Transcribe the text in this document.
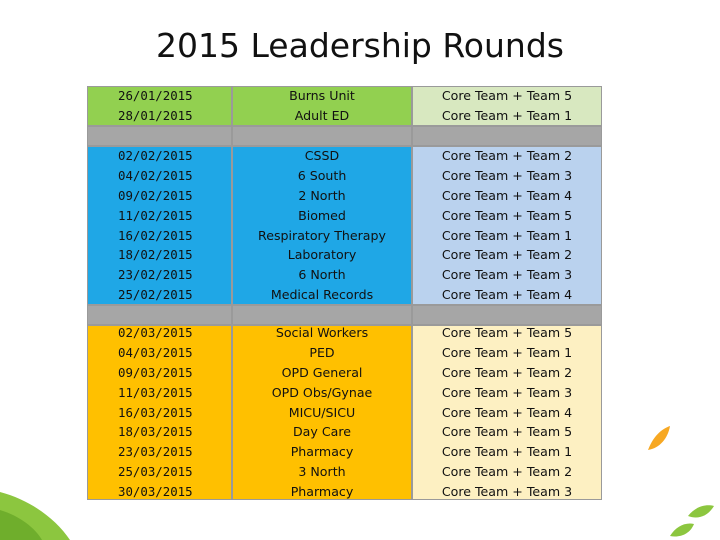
2015 Leadership Rounds
26/01/2015
28/01/2015
Burns Unit
Adult ED
Core Team + Team 5
Core Team + Team 1
02/02/2015
04/02/2015
09/02/2015
11/02/2015
16/02/2015
18/02/2015
23/02/2015
25/02/2015
CSSD
6 South
2 North
Biomed
Respiratory Therapy
Laboratory
6 North
Medical Records
Core Team + Team 2
Core Team + Team 3
Core Team + Team 4
Core Team + Team 5
Core Team + Team 1
Core Team + Team 2
Core Team + Team 3
Core Team + Team 4
02/03/2015
04/03/2015
09/03/2015
11/03/2015
16/03/2015
18/03/2015
23/03/2015
25/03/2015
30/03/2015
Social Workers
PED
OPD General
OPD Obs/Gynae
MICU/SICU
Day Care
Pharmacy
3 North
Pharmacy
Core Team + Team 5
Core Team + Team 1
Core Team + Team 2
Core Team + Team 3
Core Team + Team 4
Core Team + Team 5
Core Team + Team 1
Core Team + Team 2
Core Team + Team 3
